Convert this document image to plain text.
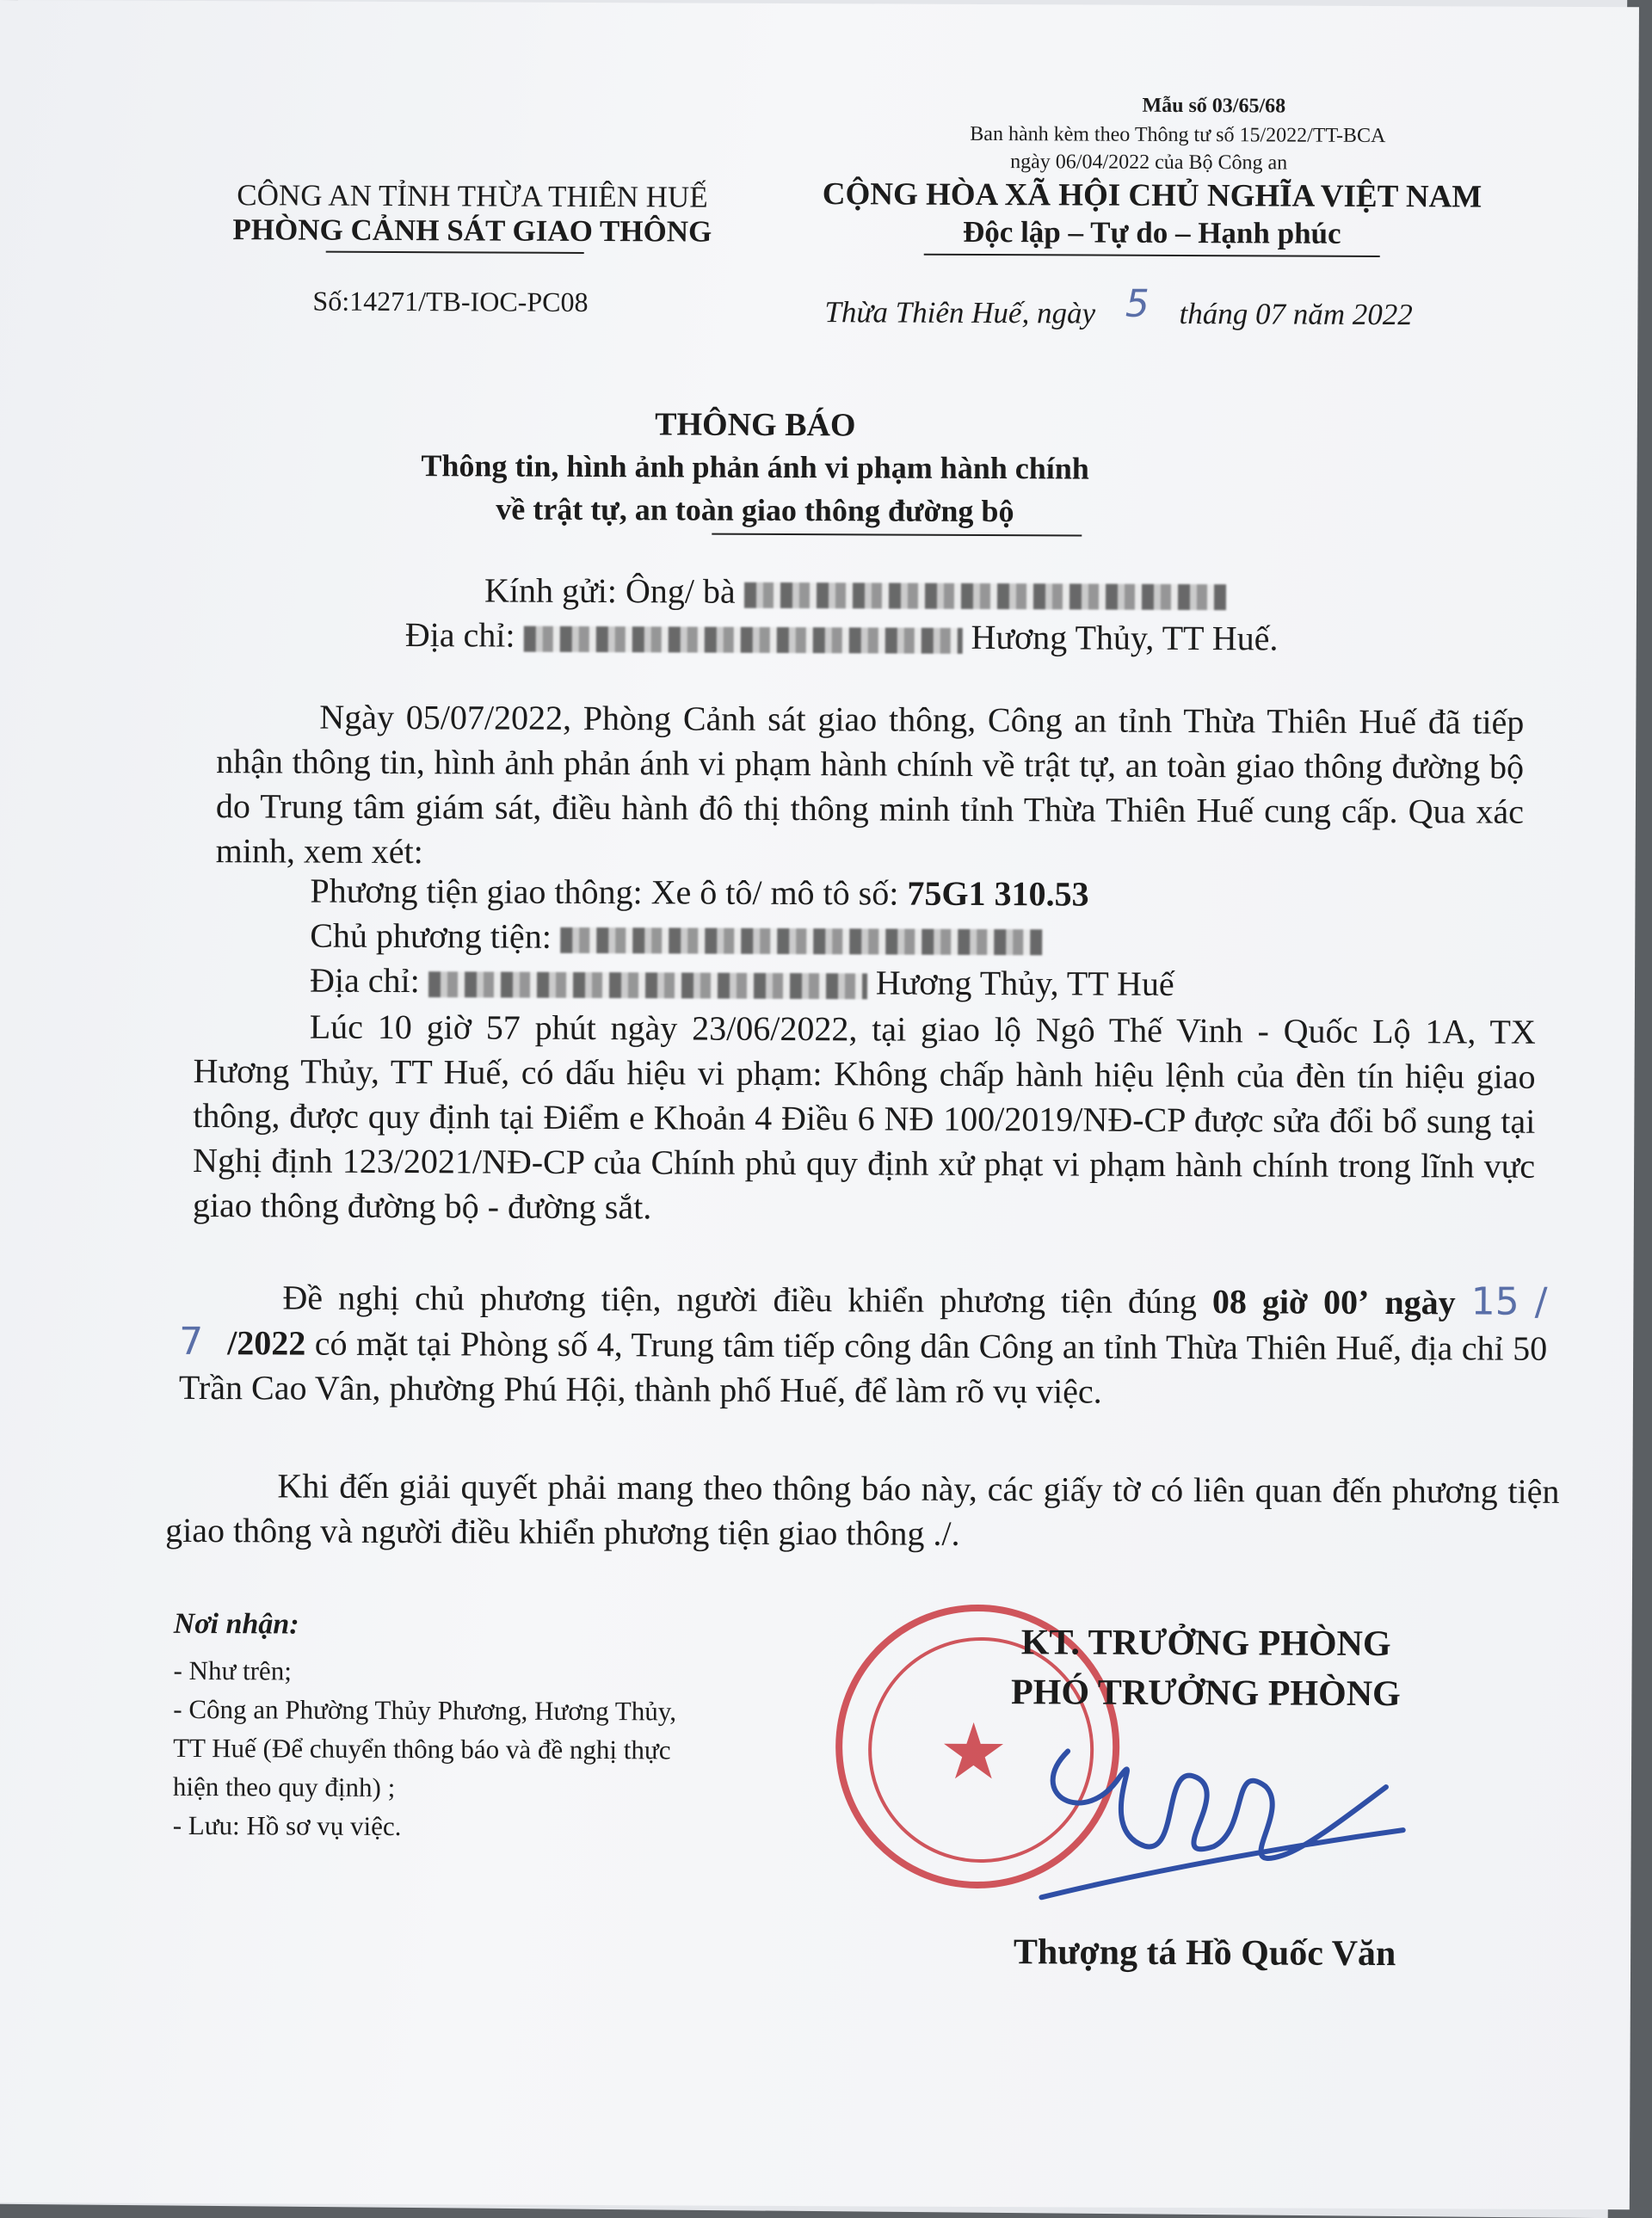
Mẫu số 03/65/68
Ban hành kèm theo Thông tư số 15/2022/TT-BCA
ngày 06/04/2022 của Bộ Công an
CÔNG AN TỈNH THỪA THIÊN HUẾ
PHÒNG CẢNH SÁT GIAO THÔNG
Số:14271/TB-IOC-PC08
CỘNG HÒA XÃ HỘI CHỦ NGHĨA VIỆT NAM
Độc lập – Tự do – Hạnh phúc
Thừa Thiên Huế, ngày 5 tháng 07 năm 2022
THÔNG BÁO
Thông tin, hình ảnh phản ánh vi phạm hành chính
về trật tự, an toàn giao thông đường bộ
Kính gửi: Ông/ bà
Địa chỉ:	Hương Thủy, TT Huế.
Ngày 05/07/2022, Phòng Cảnh sát giao thông, Công an tỉnh Thừa Thiên Huế đã tiếp nhận thông tin, hình ảnh phản ánh vi phạm hành chính về trật tự, an toàn giao thông đường bộ do Trung tâm giám sát, điều hành đô thị thông minh tỉnh Thừa Thiên Huế cung cấp. Qua xác minh, xem xét:
Phương tiện giao thông: Xe ô tô/ mô tô số: 75G1 310.53
Chủ phương tiện:
Địa chỉ:	Hương Thủy, TT Huế
Lúc 10 giờ 57 phút ngày 23/06/2022, tại giao lộ Ngô Thế Vinh - Quốc Lộ 1A, TX Hương Thủy, TT Huế, có dấu hiệu vi phạm: Không chấp hành hiệu lệnh của đèn tín hiệu giao thông, được quy định tại Điểm e Khoản 4 Điều 6 NĐ 100/2019/NĐ-CP được sửa đổi bổ sung tại Nghị định 123/2021/NĐ-CP của Chính phủ quy định xử phạt vi phạm hành chính trong lĩnh vực giao thông đường bộ - đường sắt.
Đề nghị chủ phương tiện, người điều khiển phương tiện đúng 08 giờ 00’ ngày 15 / 7 /2022 có mặt tại Phòng số 4, Trung tâm tiếp công dân Công an tỉnh Thừa Thiên Huế, địa chỉ 50 Trần Cao Vân, phường Phú Hội, thành phố Huế, để làm rõ vụ việc.
Khi đến giải quyết phải mang theo thông báo này, các giấy tờ có liên quan đến phương tiện giao thông và người điều khiển phương tiện giao thông ./.
Nơi nhận:
- Như trên;
- Công an Phường Thủy Phương, Hương Thủy,
TT Huế (Để chuyển thông báo và đề nghị thực
hiện theo quy định) ;
- Lưu: Hồ sơ vụ việc.
★
KT. TRƯỞNG PHÒNG
PHÓ TRƯỞNG PHÒNG
Thượng tá Hồ Quốc Văn
